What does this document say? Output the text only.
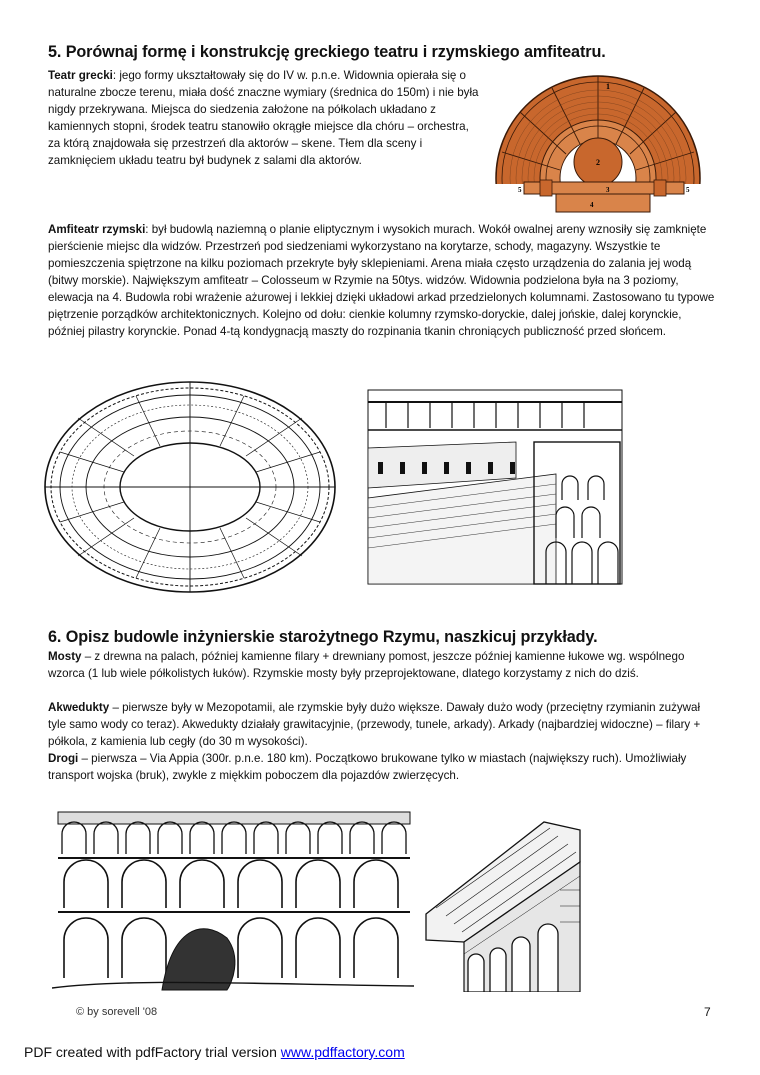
5. Porównaj formę i konstrukcję greckiego teatru i rzymskiego amfiteatru.

Teatr grecki: jego formy ukształtowały się do IV w. p.n.e. Widownia opierała się o naturalne zbocze terenu, miała dość znaczne wymiary (średnica do 150m) i nie była nigdy przekrywana. Miejsca do siedzenia założone na półkolach układano z kamiennych stopni, środek teatru stanowiło okrągłe miejsce dla chóru – orchestra, za którą znajdowała się przestrzeń dla aktorów – skene. Tłem dla sceny i zamknięciem układu teatru był budynek z salami dla aktorów.

1
2
3
4
5	5

Amfiteatr rzymski: był budowlą naziemną o planie eliptycznym i wysokich murach. Wokół owalnej areny wznosiły się zamknięte pierścienie miejsc dla widzów. Przestrzeń pod siedzeniami wykorzystano na korytarze, schody, magazyny. Wszystkie te pomieszczenia spiętrzone na kilku poziomach przekryte były sklepieniami. Arena miała często urządzenia do zalania jej wodą (bitwy morskie). Największym amfiteatr – Colosseum w Rzymie na 50tys. widzów. Widownia podzielona była na 3 poziomy, elewacja na 4. Budowla robi wrażenie ażurowej i lekkiej dzięki układowi arkad przedzielonych kolumnami. Zastosowano tu typowe piętrzenie porządków architektonicznych. Kolejno od dołu: cienkie kolumny rzymsko-doryckie, dalej jońskie, dalej korynckie, później pilastry korynckie. Ponad 4-tą kondygnacją maszty do rozpinania tkanin chroniących publiczność przed słońcem.

6. Opisz budowle inżynierskie starożytnego Rzymu, naszkicuj przykłady.

Mosty – z drewna na palach, później kamienne filary + drewniany pomost, jeszcze później kamienne łukowe wg. wspólnego wzorca (1 lub wiele półkolistych łuków). Rzymskie mosty były przeprojektowane, dlatego korzystamy z nich do dziś.

Akwedukty – pierwsze były w Mezopotamii, ale rzymskie były dużo większe. Dawały dużo wody (przeciętny rzymianin zużywał tyle samo wody co teraz). Akwedukty działały grawitacyjnie, (przewody, tunele, arkady). Arkady (najbardziej widoczne) – filary + półkola, z kamienia lub cegły (do 30 m wysokości).

Drogi – pierwsza – Via Appia (300r. p.n.e. 180 km). Początkowo brukowane tylko w miastach (największy ruch). Umożliwiały transport wojska (bruk), zwykle z miękkim poboczem dla pojazdów zwierzęcych.

© by sorevell '08	7
PDF created with pdfFactory trial version www.pdffactory.com
